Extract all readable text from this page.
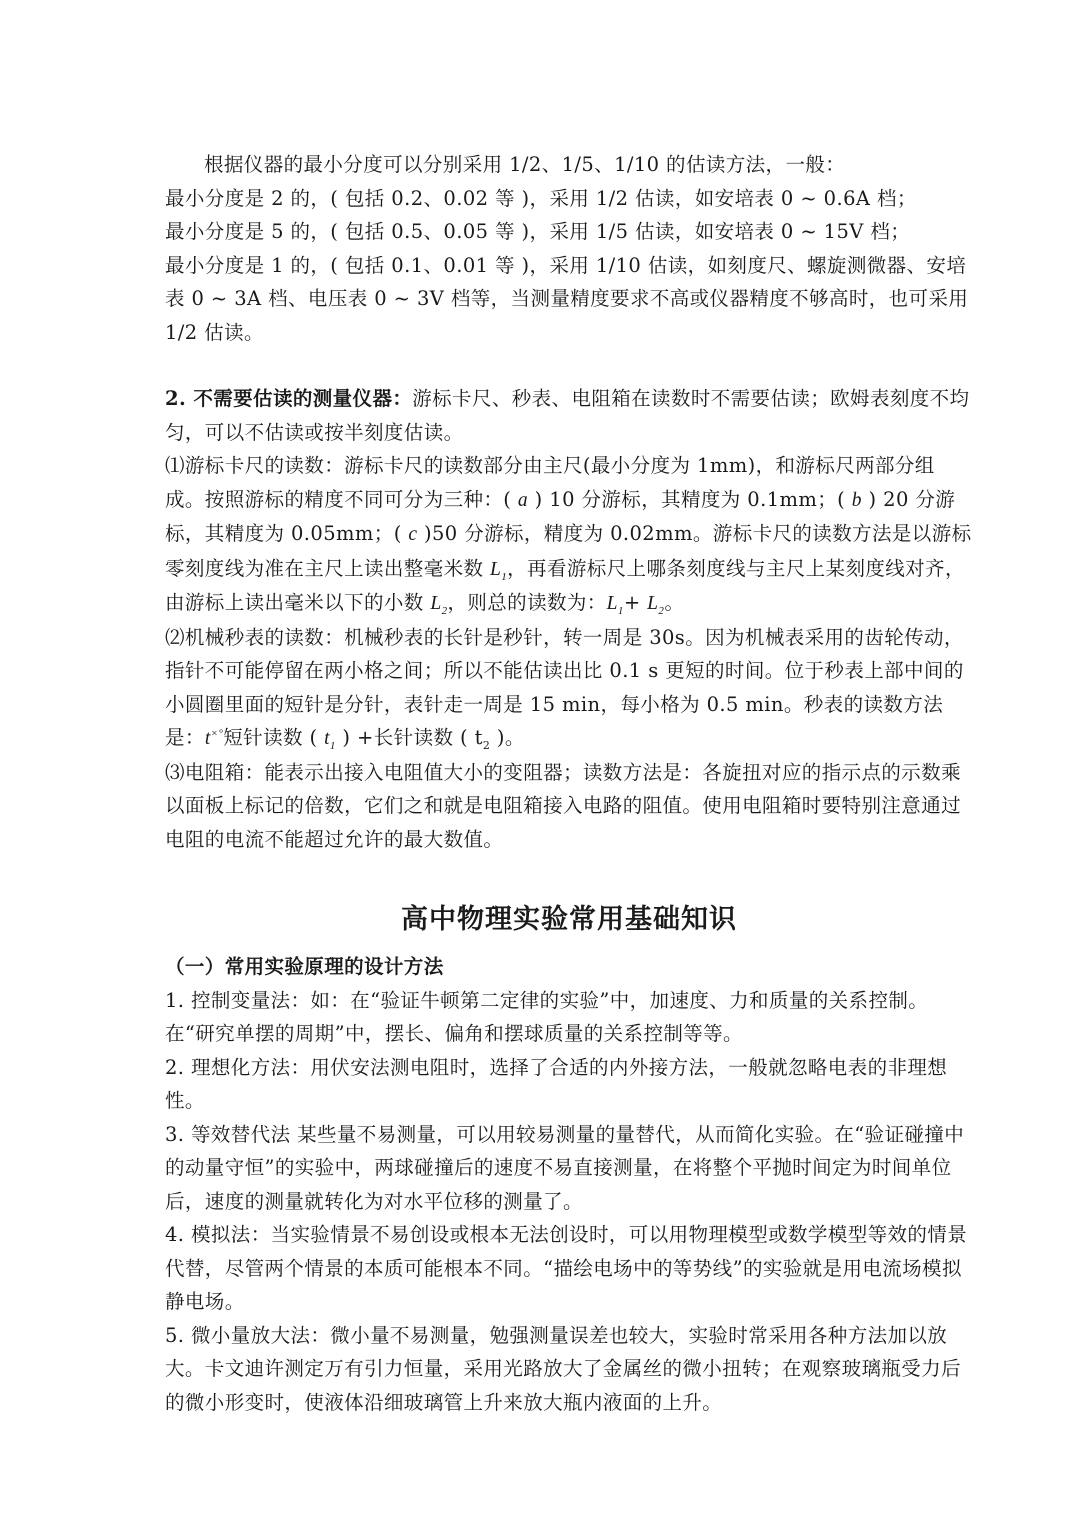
根据仪器的最小分度可以分别采用 1/2、1/5、1/10 的估读方法，一般：

最小分度是 2 的，( 包括 0.2、0.02 等 )，采用 1/2 估读，如安培表 0 ~ 0.6A 档；

最小分度是 5 的，( 包括 0.5、0.05 等 )，采用 1/5 估读，如安培表 0 ~ 15V 档；

最小分度是 1 的，( 包括 0.1、0.01 等 )，采用 1/10 估读，如刻度尺、螺旋测微器、安培表 0 ~ 3A 档、电压表 0 ~ 3V 档等，当测量精度要求不高或仪器精度不够高时，也可采用 1/2 估读。

2. 不需要估读的测量仪器：游标卡尺、秒表、电阻箱在读数时不需要估读；欧姆表刻度不均匀，可以不估读或按半刻度估读。

⑴游标卡尺的读数：游标卡尺的读数部分由主尺(最小分度为 1mm)，和游标尺两部分组成。按照游标的精度不同可分为三种：( a ) 10 分游标，其精度为 0.1mm；( b ) 20 分游标，其精度为 0.05mm；( c )50 分游标，精度为 0.02mm。游标卡尺的读数方法是以游标零刻度线为准在主尺上读出整毫米数 $L_1$，再看游标尺上哪条刻度线与主尺上某刻度线对齐，由游标上读出毫米以下的小数 $L_2$，则总的读数为：$L_1+ L_2$。

⑵机械秒表的读数：机械秒表的长针是秒针，转一周是 30s。因为机械表采用的齿轮传动，指针不可能停留在两小格之间；所以不能估读出比 0.1 s 更短的时间。位于秒表上部中间的小圆圈里面的短针是分针，表针走一周是 15 min，每小格为 0.5 min。秒表的读数方法是：t×°短针读数 ( $t_1$ ) +长针读数 ( $t_2$ )。

⑶电阻箱：能表示出接入电阻值大小的变阻器；读数方法是：各旋扭对应的指示点的示数乘以面板上标记的倍数，它们之和就是电阻箱接入电路的阻值。使用电阻箱时要特别注意通过电阻的电流不能超过允许的最大数值。

高中物理实验常用基础知识

（一）常用实验原理的设计方法

1. 控制变量法：如：在“验证牛顿第二定律的实验”中，加速度、力和质量的关系控制。在“研究单摆的周期”中，摆长、偏角和摆球质量的关系控制等等。

2. 理想化方法：用伏安法测电阻时，选择了合适的内外接方法，一般就忽略电表的非理想性。

3. 等效替代法 某些量不易测量，可以用较易测量的量替代，从而简化实验。在“验证碰撞中的动量守恒”的实验中，两球碰撞后的速度不易直接测量，在将整个平抛时间定为时间单位后，速度的测量就转化为对水平位移的测量了。

4. 模拟法：当实验情景不易创设或根本无法创设时，可以用物理模型或数学模型等效的情景代替，尽管两个情景的本质可能根本不同。“描绘电场中的等势线”的实验就是用电流场模拟静电场。

5. 微小量放大法：微小量不易测量，勉强测量误差也较大，实验时常采用各种方法加以放大。卡文迪许测定万有引力恒量，采用光路放大了金属丝的微小扭转；在观察玻璃瓶受力后的微小形变时，使液体沿细玻璃管上升来放大瓶内液面的上升。
